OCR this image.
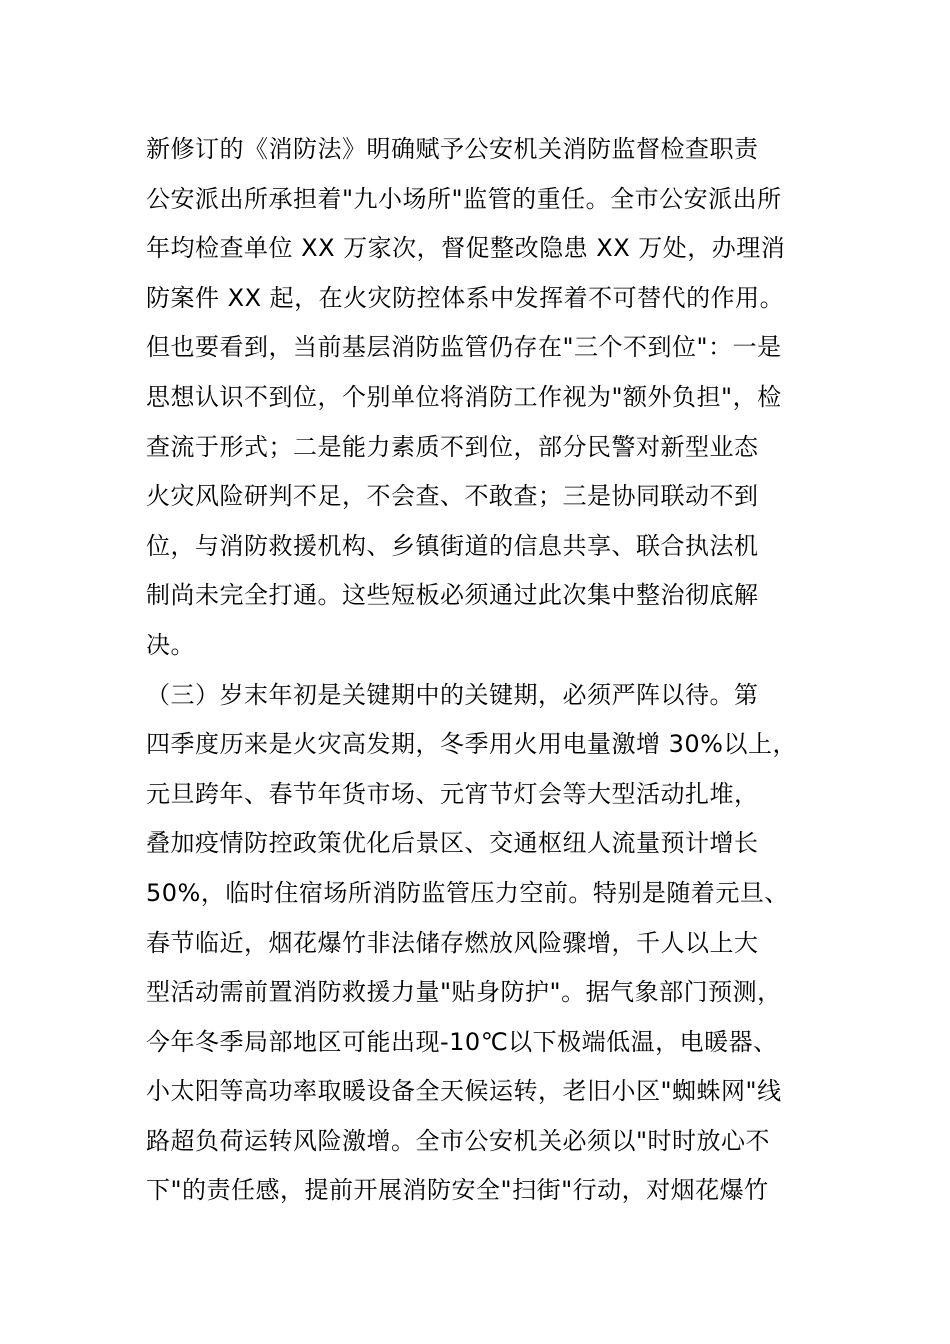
新修订的《消防法》明确赋予公安机关消防监督检查职责
公安派出所承担着"九小场所"监管的重任。全市公安派出所
年均检查单位 XX 万家次，督促整改隐患 XX 万处，办理消
防案件 XX 起，在火灾防控体系中发挥着不可替代的作用。
但也要看到，当前基层消防监管仍存在"三个不到位"：一是
思想认识不到位，个别单位将消防工作视为"额外负担"，检
查流于形式；二是能力素质不到位，部分民警对新型业态
火灾风险研判不足，不会查、不敢查；三是协同联动不到
位，与消防救援机构、乡镇街道的信息共享、联合执法机
制尚未完全打通。这些短板必须通过此次集中整治彻底解
决。
（三）岁末年初是关键期中的关键期，必须严阵以待。第
四季度历来是火灾高发期，冬季用火用电量激增 30%以上，
元旦跨年、春节年货市场、元宵节灯会等大型活动扎堆，
叠加疫情防控政策优化后景区、交通枢纽人流量预计增长
50%，临时住宿场所消防监管压力空前。特别是随着元旦、
春节临近，烟花爆竹非法储存燃放风险骤增，千人以上大
型活动需前置消防救援力量"贴身防护"。据气象部门预测，
今年冬季局部地区可能出现-10℃以下极端低温，电暖器、
小太阳等高功率取暖设备全天候运转，老旧小区"蜘蛛网"线
路超负荷运转风险激增。全市公安机关必须以"时时放心不
下"的责任感，提前开展消防安全"扫街"行动，对烟花爆竹
